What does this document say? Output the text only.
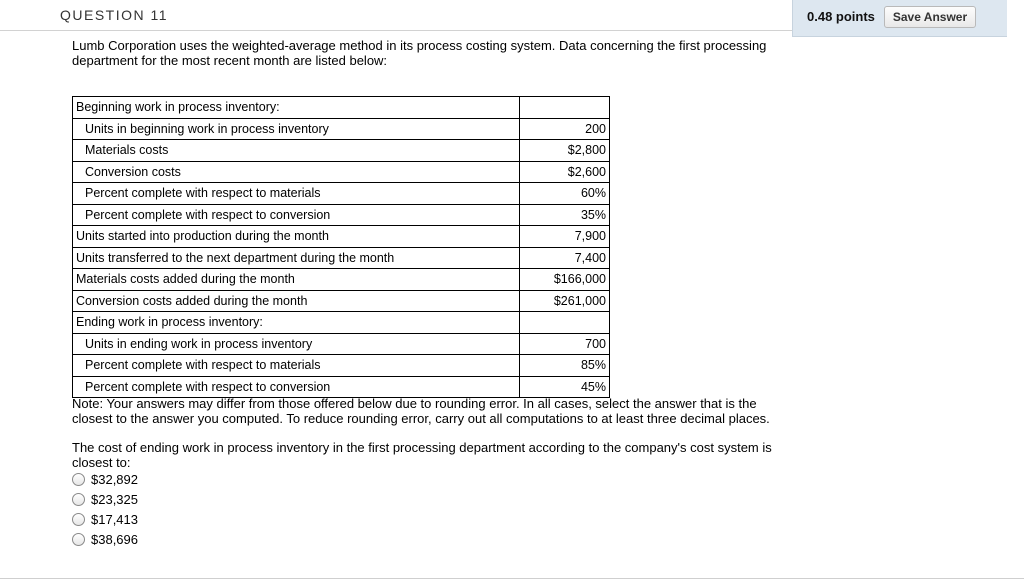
QUESTION 11	0.48 points	Save Answer
Lumb Corporation uses the weighted-average method in its process costing system. Data concerning the first processing department for the most recent month are listed below:
Beginning work in process inventory:	
Units in beginning work in process inventory	200
Materials costs	$2,800
Conversion costs	$2,600
Percent complete with respect to materials	60%
Percent complete with respect to conversion	35%
Units started into production during the month	7,900
Units transferred to the next department during the month	7,400
Materials costs added during the month	$166,000
Conversion costs added during the month	$261,000
Ending work in process inventory:	
Units in ending work in process inventory	700
Percent complete with respect to materials	85%
Percent complete with respect to conversion	45%
Note: Your answers may differ from those offered below due to rounding error. In all cases, select the answer that is the closest to the answer you computed. To reduce rounding error, carry out all computations to at least three decimal places.
The cost of ending work in process inventory in the first processing department according to the company's cost system is closest to:
$32,892
$23,325
$17,413
$38,696
